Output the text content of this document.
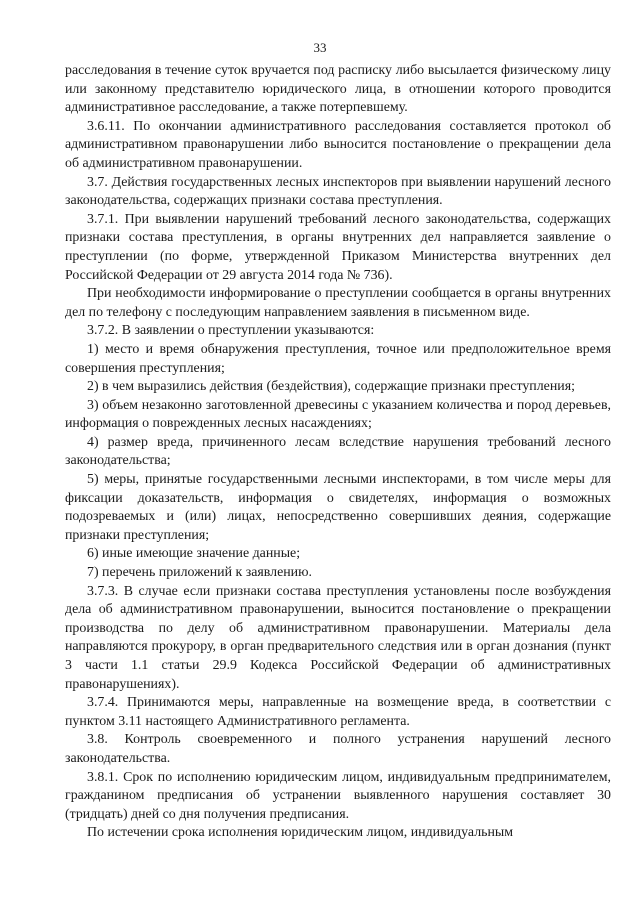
33

расследования в течение суток вручается под расписку либо высылается физическому лицу или законному представителю юридического лица, в отношении которого проводится административное расследование, а также потерпевшему.

3.6.11. По окончании административного расследования составляется протокол об административном правонарушении либо выносится постановление о прекращении дела об административном правонарушении.

3.7. Действия государственных лесных инспекторов при выявлении нарушений лесного законодательства, содержащих признаки состава преступления.

3.7.1. При выявлении нарушений требований лесного законодательства, содержащих признаки состава преступления, в органы внутренних дел направляется заявление о преступлении (по форме, утвержденной Приказом Министерства внутренних дел Российской Федерации от 29 августа 2014 года № 736).

При необходимости информирование о преступлении сообщается в органы внутренних дел по телефону с последующим направлением заявления в письменном виде.

3.7.2. В заявлении о преступлении указываются:

1) место и время обнаружения преступления, точное или предположительное время совершения преступления;

2) в чем выразились действия (бездействия), содержащие признаки преступления;

3) объем незаконно заготовленной древесины с указанием количества и пород деревьев, информация о поврежденных лесных насаждениях;

4) размер вреда, причиненного лесам вследствие нарушения требований лесного законодательства;

5) меры, принятые государственными лесными инспекторами, в том числе меры для фиксации доказательств, информация о свидетелях, информация о возможных подозреваемых и (или) лицах, непосредственно совершивших деяния, содержащие признаки преступления;

6) иные имеющие значение данные;

7) перечень приложений к заявлению.

3.7.3. В случае если признаки состава преступления установлены после возбуждения дела об административном правонарушении, выносится постановление о прекращении производства по делу об административном правонарушении. Материалы дела направляются прокурору, в орган предварительного следствия или в орган дознания (пункт 3 части 1.1 статьи 29.9 Кодекса Российской Федерации об административных правонарушениях).

3.7.4. Принимаются меры, направленные на возмещение вреда, в соответствии с пунктом 3.11 настоящего Административного регламента.

3.8. Контроль своевременного и полного устранения нарушений лесного законодательства.

3.8.1. Срок по исполнению юридическим лицом, индивидуальным предпринимателем, гражданином предписания об устранении выявленного нарушения составляет 30 (тридцать) дней со дня получения предписания.

По истечении срока исполнения юридическим лицом, индивидуальным
